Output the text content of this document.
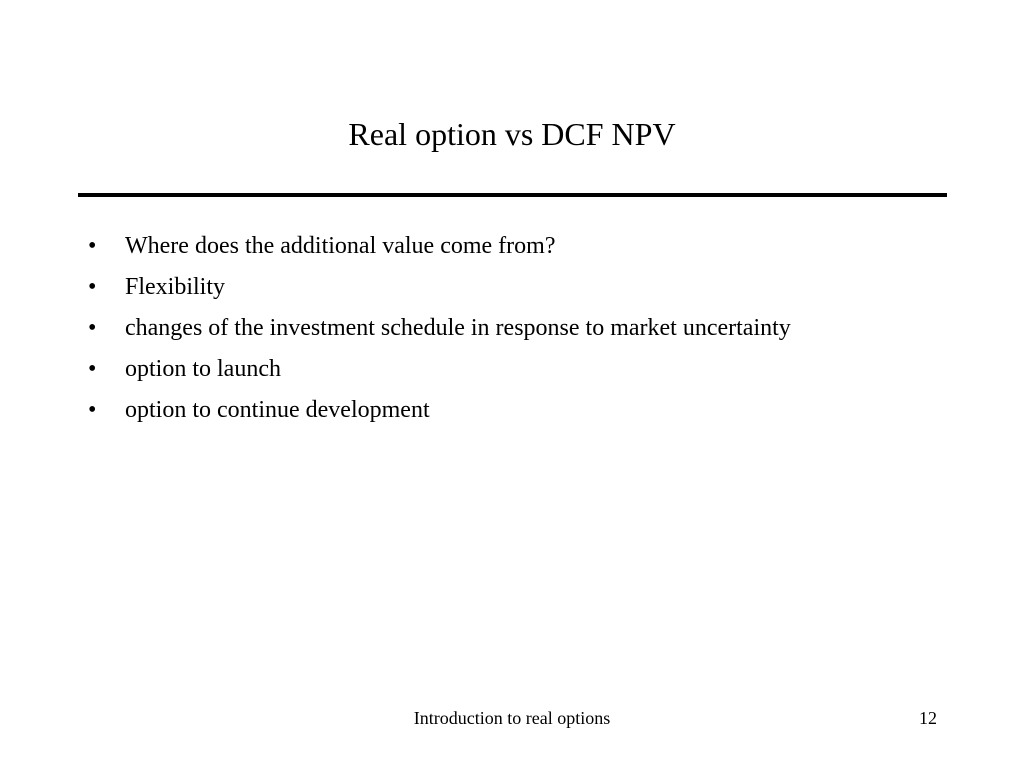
Real option vs DCF NPV
•	Where does the additional value come from?
•	Flexibility
•	changes of the investment schedule in response to market uncertainty
•	option to launch
•	option to continue development
Introduction to real options	12
